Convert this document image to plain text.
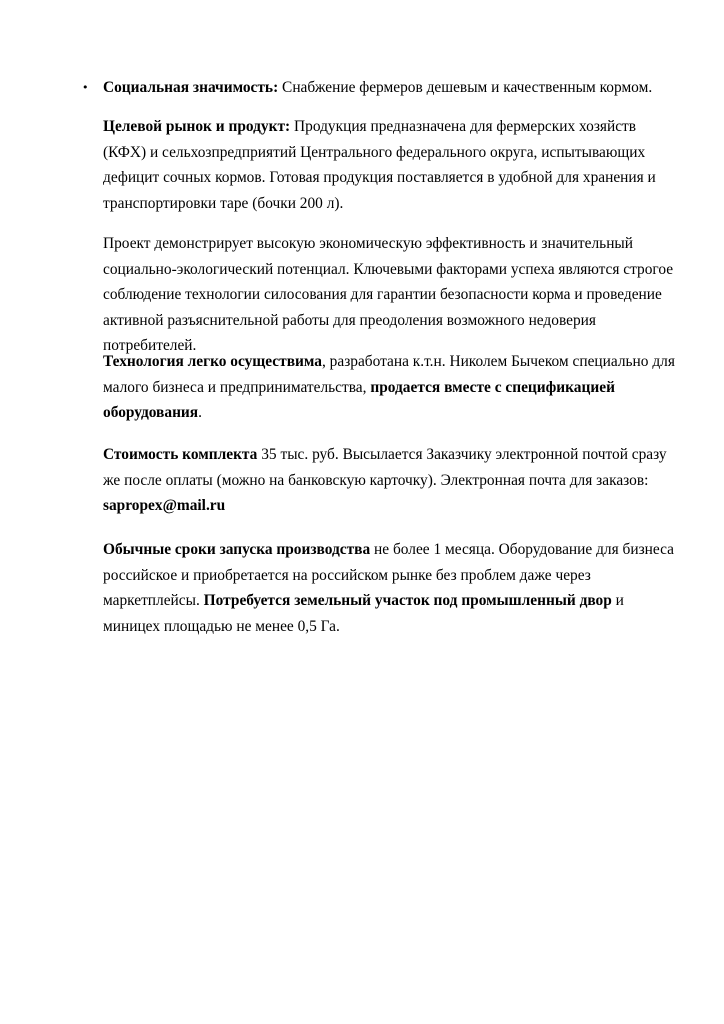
• Социальная значимость: Снабжение фермеров дешевым и качественным кормом.

Целевой рынок и продукт: Продукция предназначена для фермерских хозяйств (КФХ) и сельхозпредприятий Центрального федерального округа, испытывающих дефицит сочных кормов. Готовая продукция поставляется в удобной для хранения и транспортировки таре (бочки 200 л).

Проект демонстрирует высокую экономическую эффективность и значительный социально-экологический потенциал. Ключевыми факторами успеха являются строгое соблюдение технологии силосования для гарантии безопасности корма и проведение активной разъяснительной работы для преодоления возможного недоверия потребителей.

Технология легко осуществима, разработана к.т.н. Николем Бычеком специально для малого бизнеса и предпринимательства, продается вместе с спецификацией оборудования.

Стоимость комплекта 35 тыс. руб. Высылается Заказчику электронной почтой сразу же после оплаты (можно на банковскую карточку). Электронная почта для заказов: sapropex@mail.ru

Обычные сроки запуска производства не более 1 месяца. Оборудование для бизнеса российское и приобретается на российском рынке без проблем даже через маркетплейсы. Потребуется земельный участок под промышленный двор и миницех площадью не менее 0,5 Га.
